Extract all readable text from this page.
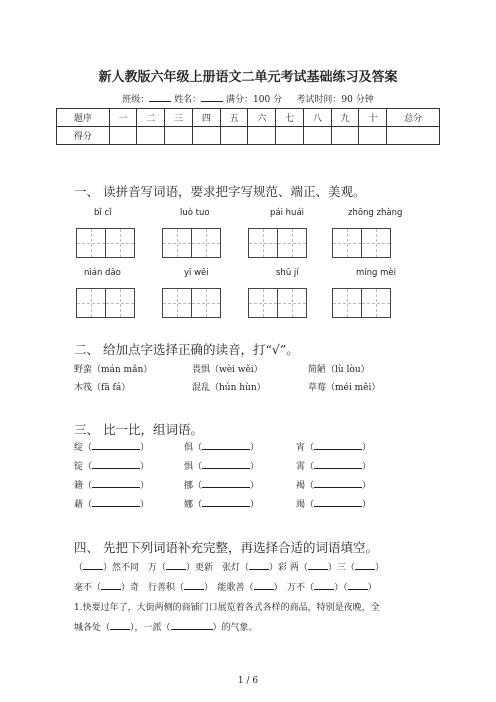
新人教版六年级上册语文二单元考试基础练习及答案
班级：	姓名：	满分：100 分 考试时间：90 分钟
题序	一	二	三	四	五	六	七	八	九	十	总分
得分											
一、 读拼音写词语，要求把字写规范、端正、美观。
bǐ cǐ	luò tuo	pái huái	zhōng zhàng
nián dāo	yī wēi	shū jí	míng mèi
二、 给加点字选择正确的读音，打“√”。
野蛮（mán mǎn）	畏惧（wèi wěi）	简陋（lù lòu）
木筏（fā fá）	混乱（hún hùn）	草莓（méi měi）
三、 比一比，组词语。
绽（	）	俱（	）	宵（	）
锭（	）	惧（	）	霄（	）
籍（	）	挪（	）	褐（	）
藉（	）	娜（	）	竭（	）
四、 先把下列词语补充完整，再选择合适的词语填空。
（ ）然不同　万（ ）更新　张灯（ ）彩 两（ ）三（ ）
毫不（ ）奇　行善积（ ）　能歌善（ ）　万不（ ）（ ）
1.快要过年了，大街两侧的商铺门口展览着各式各样的商品，特别是夜晚，全
城各处（ ），一派（	）的气象。
1 / 6
